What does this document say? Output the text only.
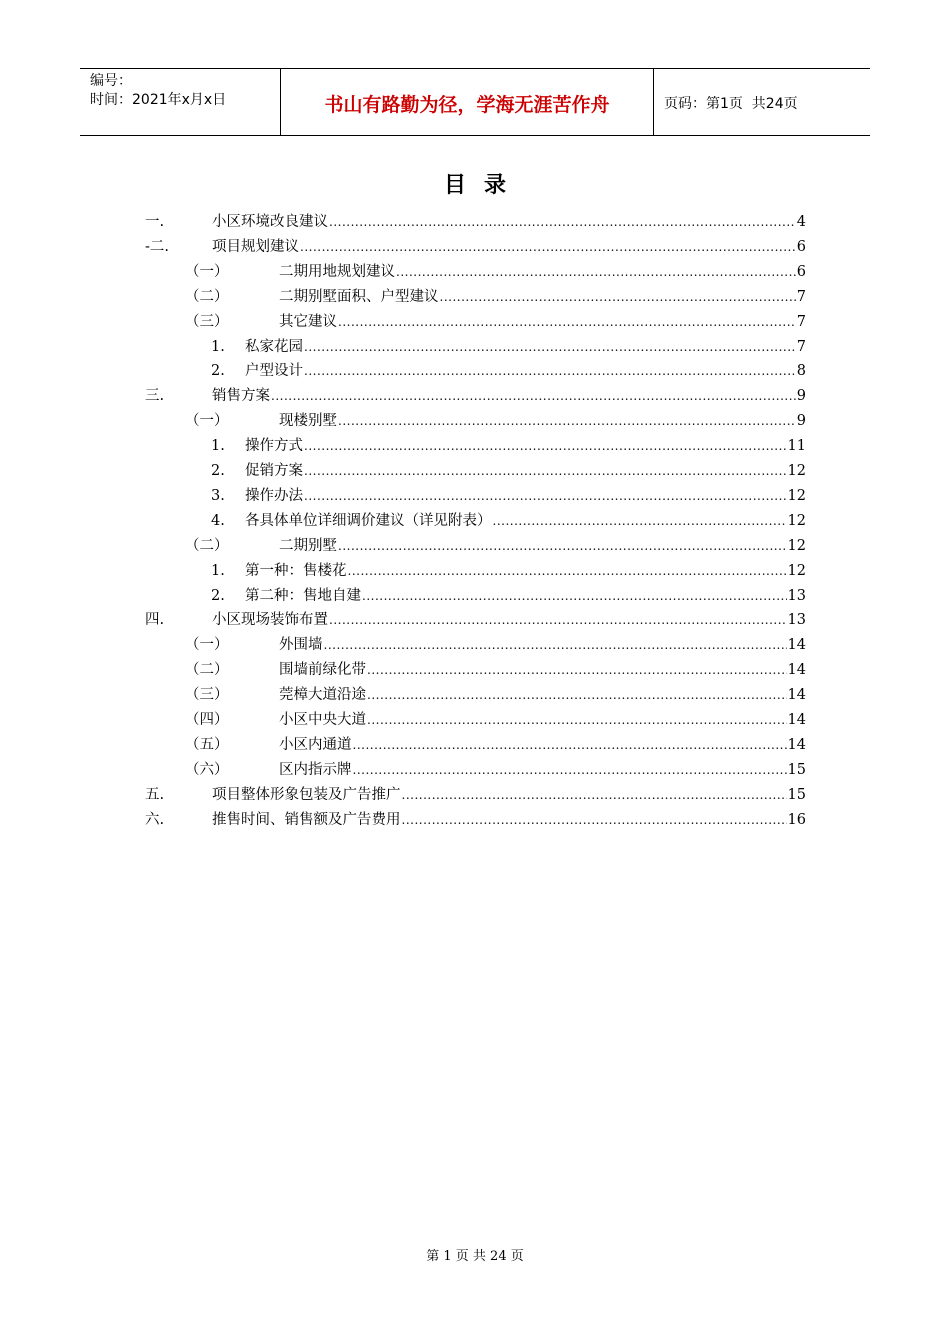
编号：
时间：2021年x月x日	书山有路勤为径，学海无涯苦作舟	页码：第1页  共24页
目录
一.	小区环境改良建议 .....	4
-二.	项目规划建议 .....	6
（一）	二期用地规划建议 .....	6
（二）	二期别墅面积、户型建议 .....	7
（三）	其它建议 .....	7
1.	私家花园 .....	7
2.	户型设计 .....	8
三.	销售方案 .....	9
（一）	现楼别墅 .....	9
1.	操作方式 .....	11
2.	促销方案 .....	12
3.	操作办法 .....	12
4.	各具体单位详细调价建议（详见附表） .....	12
（二）	二期别墅 .....	12
1.	第一种：售楼花 .....	12
2.	第二种：售地自建 .....	13
四.	小区现场装饰布置 .....	13
（一）	外围墙 .....	14
（二）	围墙前绿化带 .....	14
（三）	莞樟大道沿途 .....	14
（四）	小区中央大道 .....	14
（五）	小区内通道 .....	14
（六）	区内指示牌 .....	15
五.	项目整体形象包装及广告推广 .....	15
六.	推售时间、销售额及广告费用 .....	16
第 1 页 共 24 页
